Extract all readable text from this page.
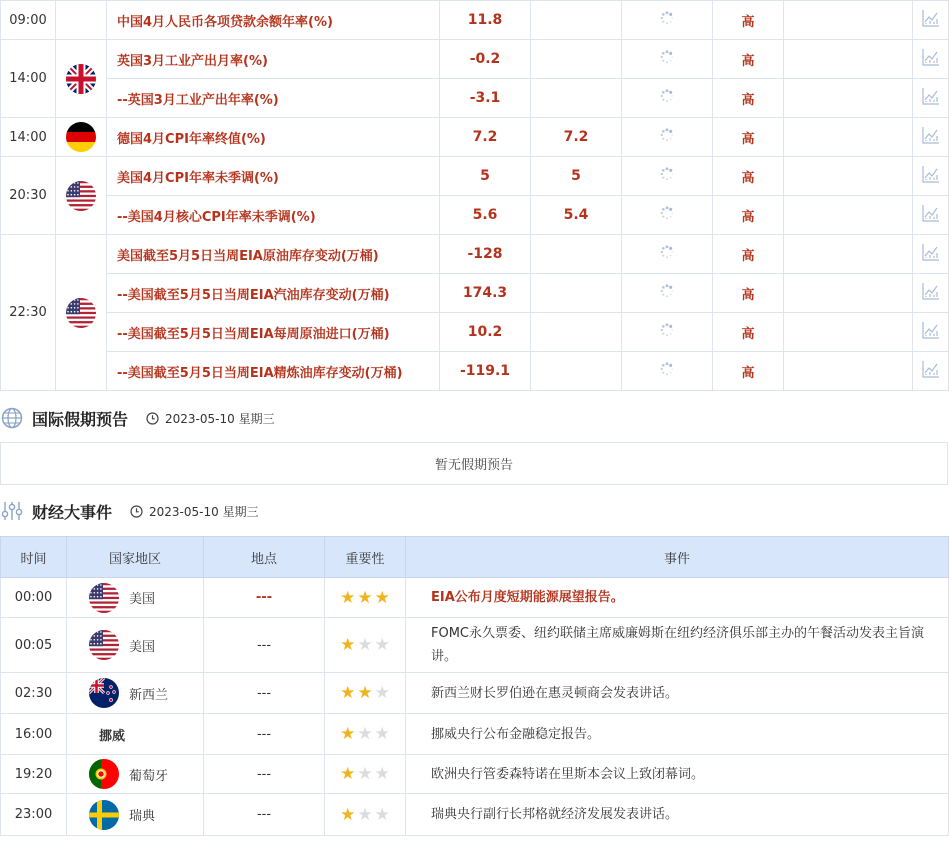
09:00		中国4月人民币各项贷款余额年率(%)	11.8			高		
14:00		英国3月工业产出月率(%)	-0.2			高		
		--英国3月工业产出年率(%)	-3.1			高		
14:00		德国4月CPI年率终值(%)	7.2	7.2		高		
20:30		美国4月CPI年率未季调(%)	5	5		高		
		--美国4月核心CPI年率未季调(%)	5.6	5.4		高		
22:30		美国截至5月5日当周EIA原油库存变动(万桶)	-128			高		
		--美国截至5月5日当周EIA汽油库存变动(万桶)	174.3			高		
		--美国截至5月5日当周EIA每周原油进口(万桶)	10.2			高		
		--美国截至5月5日当周EIA精炼油库存变动(万桶)	-119.1			高		
国际假期预告	2023-05-10 星期三
暂无假期预告
财经大事件	2023-05-10 星期三
时间	国家地区	地点	重要性	事件
00:00	美国	---	★ ★ ★	EIA公布月度短期能源展望报告。
00:05	美国	---	★ ★ ★	FOMC永久票委、纽约联储主席威廉姆斯在纽约经济俱乐部主办的午餐活动发表主旨演讲。
02:30	新西兰	---	★ ★ ★	新西兰财长罗伯逊在惠灵顿商会发表讲话。
16:00	挪威	---	★ ★ ★	挪威央行公布金融稳定报告。
19:20	葡萄牙	---	★ ★ ★	欧洲央行管委森特诺在里斯本会议上致闭幕词。
23:00	瑞典	---	★ ★ ★	瑞典央行副行长邦格就经济发展发表讲话。
